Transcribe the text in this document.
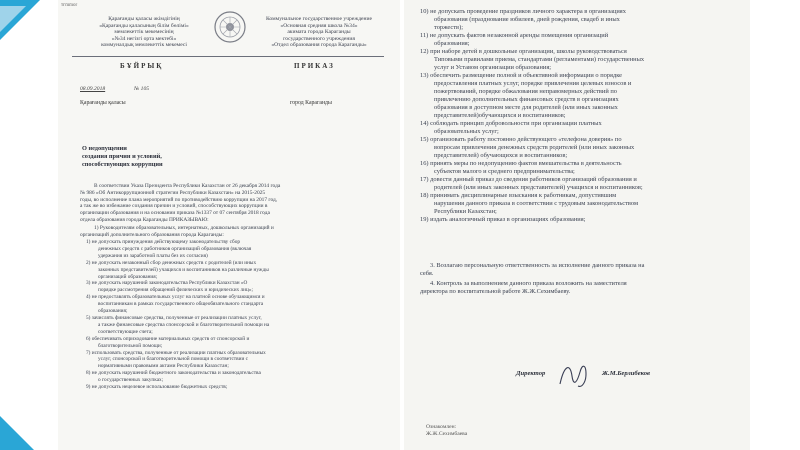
тгmmor
Қарағанды қаласы әкімдігінің
«Қарағанды қаласының білім бөлімі»
мемлекеттік мекемесінің
«№34 негізгі орта мектебі»
коммуналдық мемлекеттік мекемесі
Коммунальное государственное учреждение
«Основная средняя школа №34»
акимата города Караганды
государственного учреждения
«Отдел образования города Караганды»
БҰЙРЫҚ	ПРИКАЗ
08.09.2018	№ 105
Қарағанды қаласы	город Караганды
О недопущении
создания причин и условий,
способствующих коррупции
В соответствии Указа Президента Республики Казахстан от 26 декабря 2014 года
№ 986 «Об Антикоррупционной стратегии Республики Казахстан» на 2015-2025
годы, во исполнение плана мероприятий по противодействию коррупции на 2017 год,
а так же во избежание создания причин и условий, способствующих коррупции в
организации образования и на основании приказа №1337 от 07 сентября 2018 года
отдела образования города Караганды ПРИКАЗЫВАЮ:
1) Руководителям образовательных, интернатных, дошкольных организаций и
организаций дополнительного образования города Караганды:
1) не допускать принуждения действующему законодательству сбор
денежных средств с работников организаций образования (включая
удержания из заработной платы без их согласия)
2) не допускать незаконный сбор денежных средств с родителей (или иных
законных представителей) учащихся и воспитанников на различные нужды
организаций образования;
3) не допускать нарушений законодательства Республики Казахстан «О
порядке рассмотрения обращений физических и юридических лиц»;
4) не предоставлять образовательных услуг на платной основе обучающимся и
воспитанникам в рамках государственного общеобязательного стандарта
образования;
5) зачислять финансовые средства, полученные от реализации платных услуг,
а также финансовые средства спонсорской и благотворительной помощи на
соответствующие счета;
6) обеспечивать оприходование материальных средств от спонсорской и
благотворительной помощи;
7) использовать средства, полученные от реализации платных образовательных
услуг, спонсорской и благотворительной помощи в соответствии с
нормативными правовыми актами Республики Казахстан;
8) не допускать нарушений бюджетного законодательства и законодательства
о государственных закупках;
9) не допускать нецелевое использование бюджетных средств;
10) не допускать проведение праздников личного характера в организациях
образования (празднование юбилеев, дней рождения, свадеб и иных
торжеств);
11) не допускать фактов незаконной аренды помещения организаций
образования;
12) при наборе детей в дошкольные организации, школы руководствоваться
Типовыми правилами приема, стандартами (регламентами) государственных
услуг и Уставом организации образования;
13) обеспечить размещение полной и объективной информации о порядке
предоставления платных услуг, порядке привлечения целевых взносов и
пожертвований, порядке обжалования неправомерных действий по
привлечению дополнительных финансовых средств в организациях
образования в доступном месте для родителей (или иных законных
представителей)обучающихся и воспитанников;
14) соблюдать принцип добровольности при организации платных
образовательных услуг;
15) организовать работу постоянно действующего «телефона доверия» по
вопросам привлечения денежных средств родителей (или иных законных
представителей) обучающихся и воспитанников;
16) принять меры по недопущению фактов вмешательства в деятельность
субъектов малого и среднего предпринимательства;
17) довести данный приказ до сведения работников организаций образования и
родителей (или иных законных представителей) учащихся и воспитанников;
18) принимать дисциплинарные взыскания к работникам, допустившим
нарушения данного приказа в соответствии с трудовым законодательством
Республики Казахстан;
19) издать аналогичный приказ в организациях образования;
3. Возлагаю персональную ответственность за исполнение данного приказа на
себя.
4. Контроль за выполнением данного приказа возложить на заместителя
директора по воспитательной работе Ж.Ж.Сехимбаеву.
Директор	Ж.М.Берлибеков
Ознакомлен:
Ж.Ж.Сехимбаева
